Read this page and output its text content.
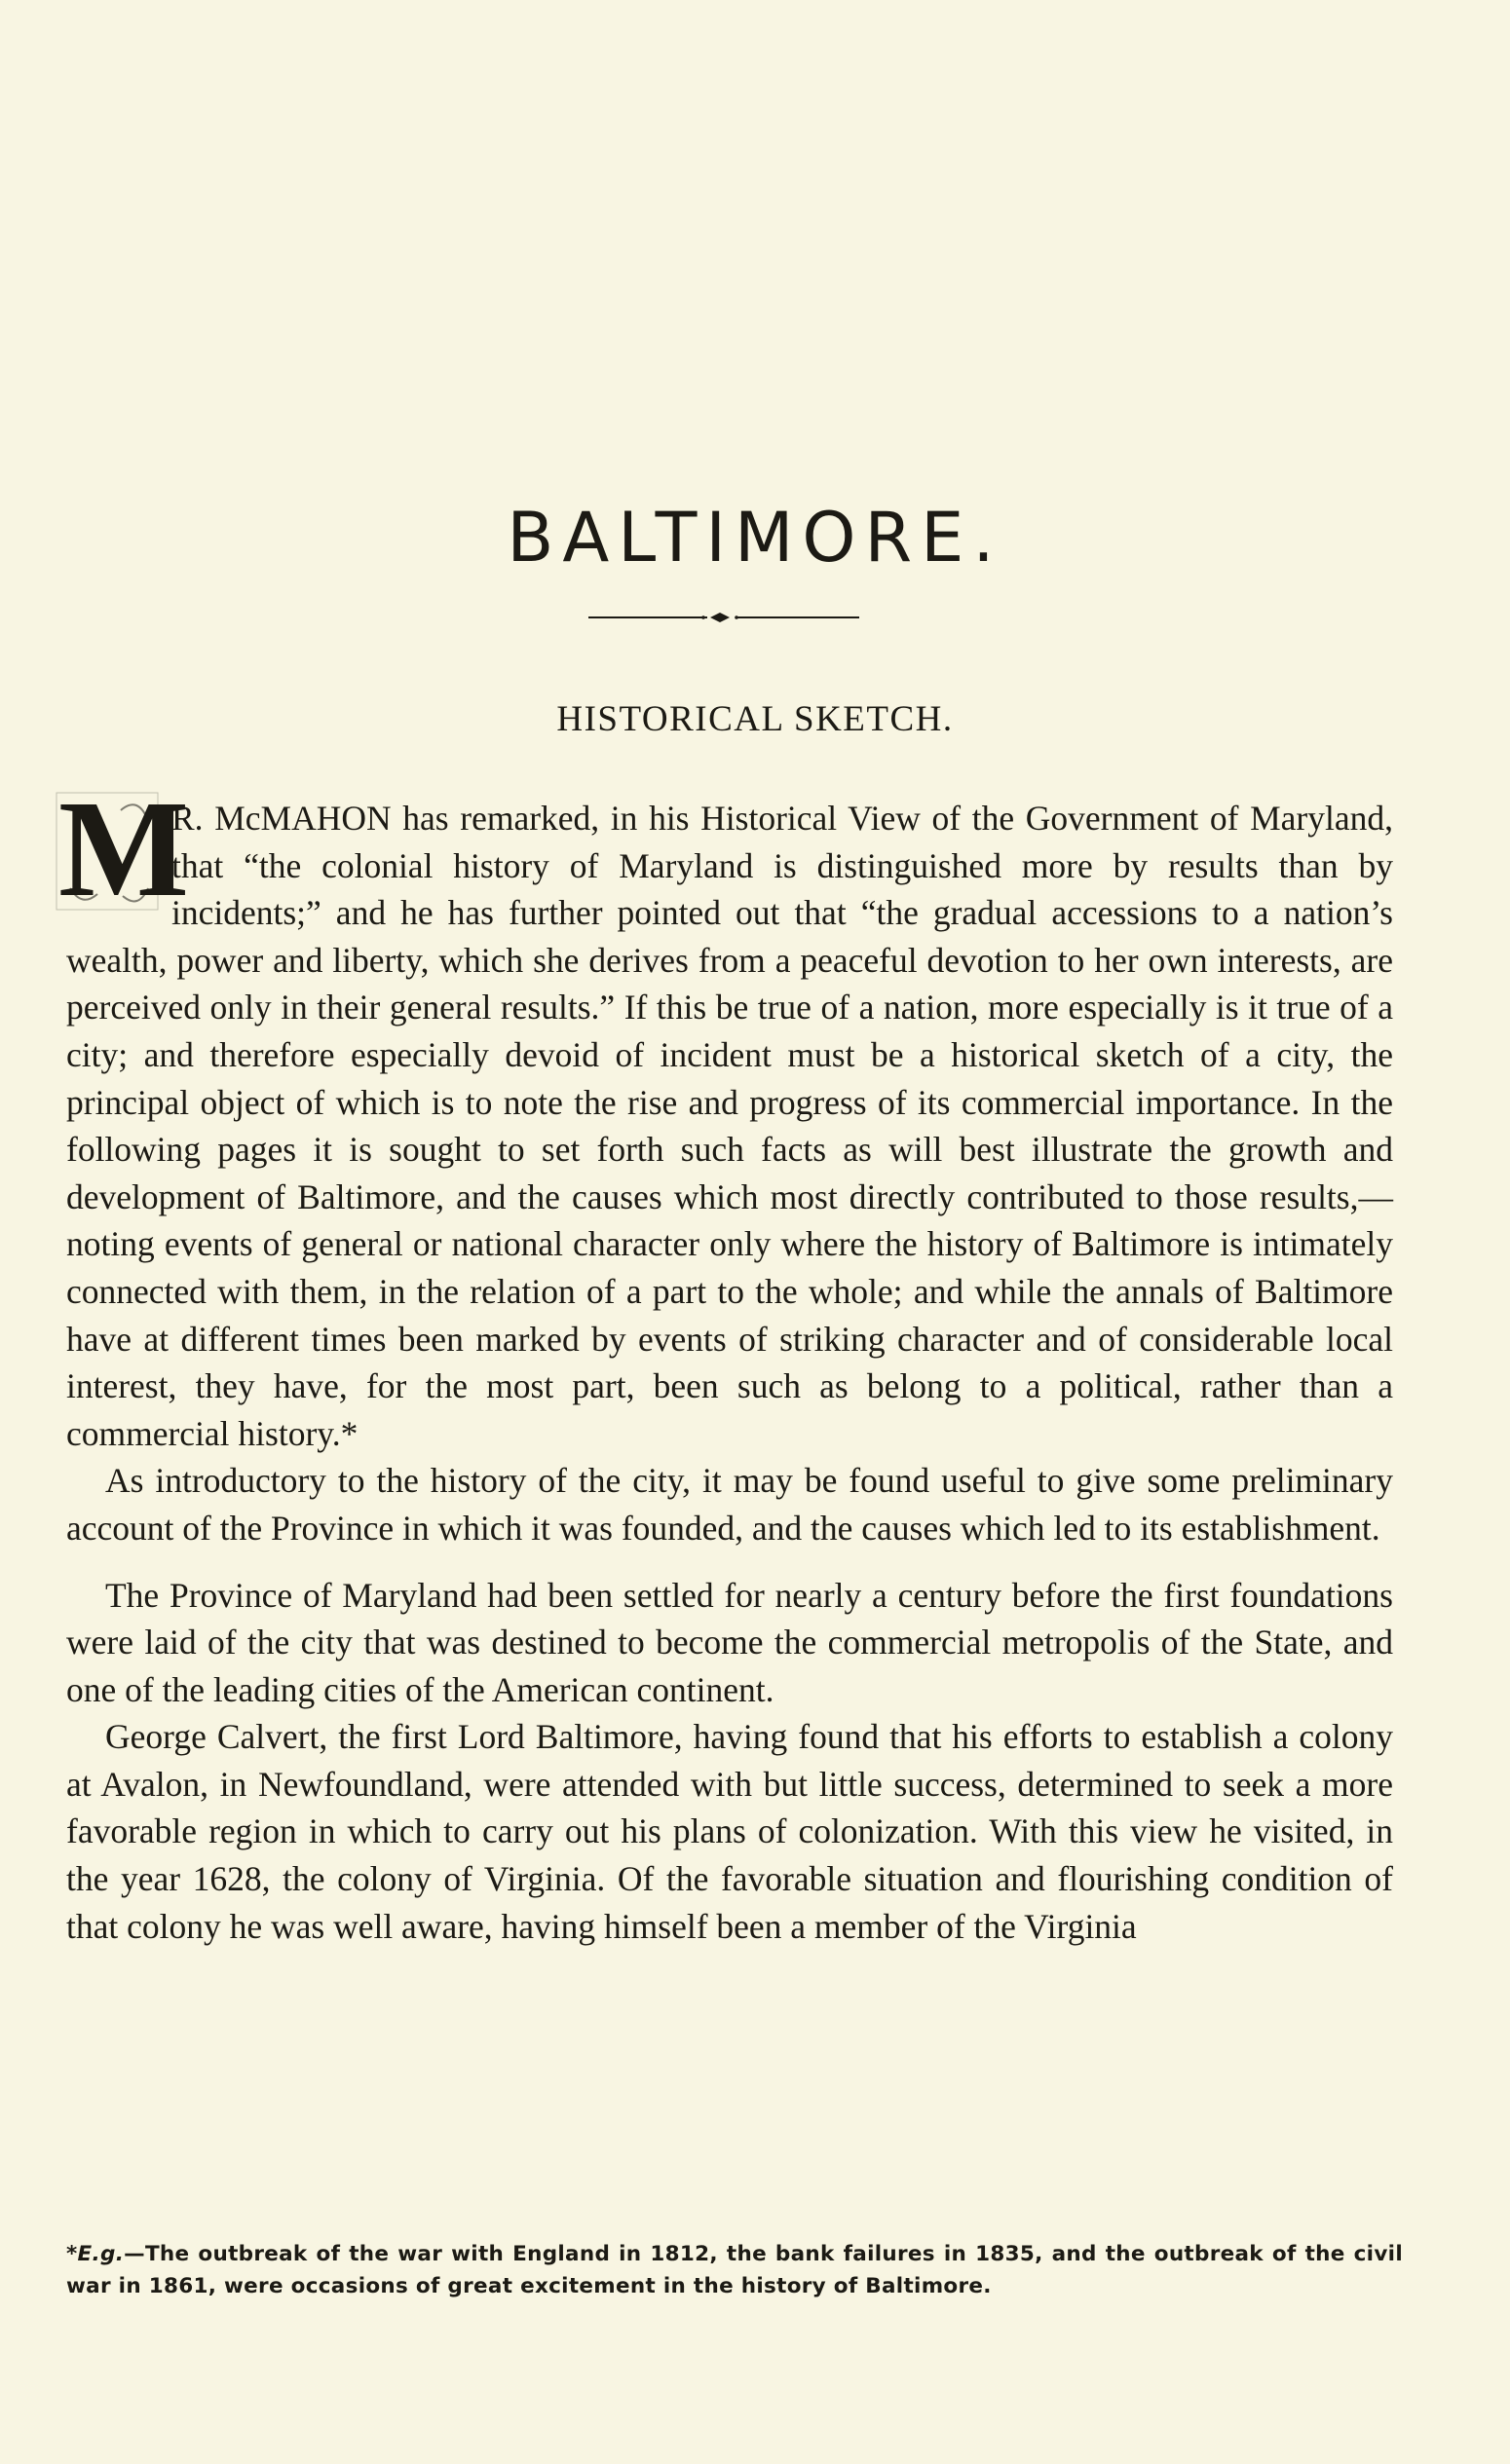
BALTIMORE.
HISTORICAL SKETCH.
M

R. McMAHON has remarked, in his Historical View of the Government of Maryland, that “the colonial history of Maryland is distinguished more by results than by incidents;” and he has further pointed out that “the gradual accessions to a nation’s wealth, power and liberty, which she derives from a peaceful devotion to her own interests, are perceived only in their general results.” If this be true of a nation, more especially is it true of a city; and therefore especially devoid of incident must be a historical sketch of a city, the principal object of which is to note the rise and progress of its commercial importance. In the following pages it is sought to set forth such facts as will best illustrate the growth and development of Baltimore, and the causes which most directly contributed to those results,—noting events of general or national character only where the history of Baltimore is intimately connected with them, in the relation of a part to the whole; and while the annals of Baltimore have at different times been marked by events of striking character and of considerable local interest, they have, for the most part, been such as belong to a political, rather than a commercial history.*

As introductory to the history of the city, it may be found useful to give some preliminary account of the Province in which it was founded, and the causes which led to its establishment.

The Province of Maryland had been settled for nearly a century before the first foundations were laid of the city that was destined to become the commercial metropolis of the State, and one of the leading cities of the American continent.

George Calvert, the first Lord Baltimore, having found that his efforts to establish a colony at Avalon, in Newfoundland, were attended with but little success, determined to seek a more favorable region in which to carry out his plans of colonization. With this view he visited, in the year 1628, the colony of Virginia. Of the favorable situation and flourishing condition of that colony he was well aware, having himself been a member of the Virginia

*E.g.—The outbreak of the war with England in 1812, the bank failures in 1835, and the outbreak of the civil war in 1861, were occasions of great excitement in the history of Baltimore.
